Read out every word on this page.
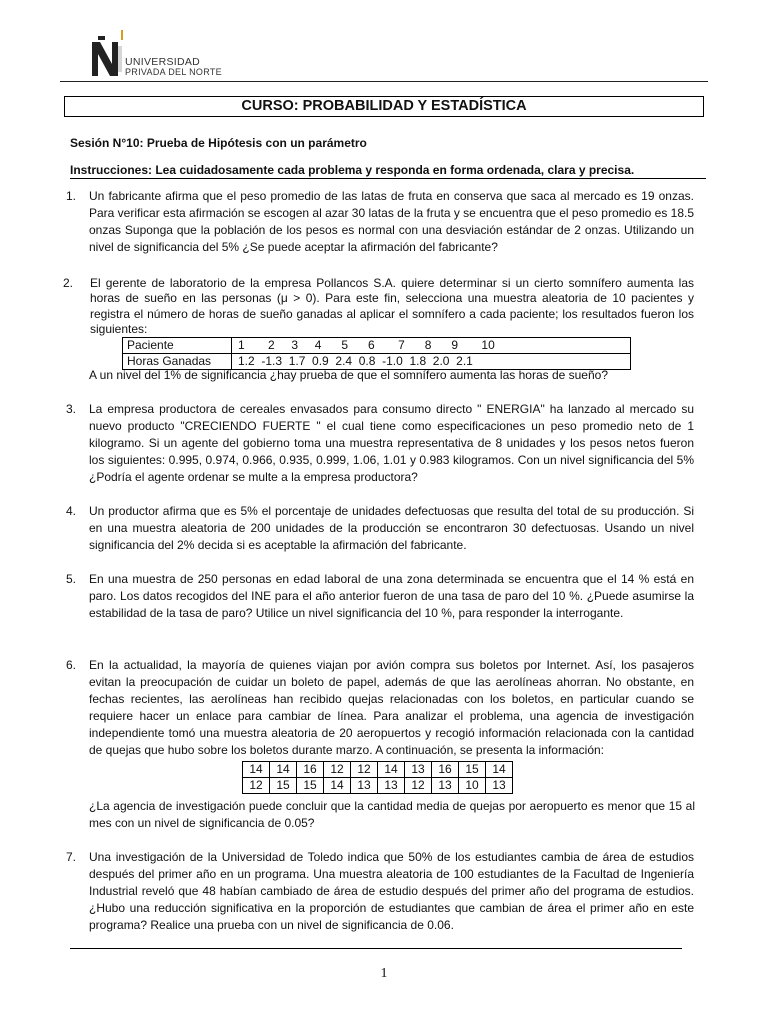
UNIVERSIDAD
PRIVADA DEL NORTE
CURSO: PROBABILIDAD Y ESTADÍSTICA
Sesión N°10: Prueba de Hipótesis con un parámetro
Instrucciones: Lea cuidadosamente cada problema y responda en forma ordenada, clara y precisa.
1. Un fabricante afirma que el peso promedio de las latas de fruta en conserva que saca al mercado es 19 onzas. Para verificar esta afirmación se escogen al azar 30 latas de la fruta y se encuentra que el peso promedio es 18.5 onzas Suponga que la población de los pesos es normal con una desviación estándar de 2 onzas. Utilizando un nivel de significancia del 5% ¿Se puede aceptar la afirmación del fabricante?
2. El gerente de laboratorio de la empresa Pollancos S.A. quiere determinar si un cierto somnífero aumenta las horas de sueño en las personas (μ > 0). Para este fin, selecciona una muestra aleatoria de 10 pacientes y registra el número de horas de sueño ganadas al aplicar el somnífero a cada paciente; los resultados fueron los siguientes:
Paciente	1       2     3     4      5      6       7      8      9       10
Horas Ganadas	1.2  -1.3  1.7  0.9  2.4  0.8  -1.0  1.8  2.0  2.1
A un nivel del 1% de significancia ¿hay prueba de que el somnífero aumenta las horas de sueño?
3. La empresa productora de cereales envasados para consumo directo " ENERGIA" ha lanzado al mercado su nuevo producto "CRECIENDO FUERTE " el cual tiene como especificaciones un peso promedio neto de 1 kilogramo. Si un agente del gobierno toma una muestra representativa de 8 unidades y los pesos netos fueron los siguientes: 0.995, 0.974, 0.966, 0.935, 0.999, 1.06, 1.01 y 0.983 kilogramos. Con un nivel significancia del 5% ¿Podría el agente ordenar se multe a la empresa productora?
4. Un productor afirma que es 5% el porcentaje de unidades defectuosas que resulta del total de su producción. Si en una muestra aleatoria de 200 unidades de la producción se encontraron 30 defectuosas. Usando un nivel significancia del 2% decida si es aceptable la afirmación del fabricante.
5. En una muestra de 250 personas en edad laboral de una zona determinada se encuentra que el 14 % está en paro. Los datos recogidos del INE para el año anterior fueron de una tasa de paro del 10 %. ¿Puede asumirse la estabilidad de la tasa de paro? Utilice un nivel significancia del 10 %, para responder la interrogante.
6. En la actualidad, la mayoría de quienes viajan por avión compra sus boletos por Internet. Así, los pasajeros evitan la preocupación de cuidar un boleto de papel, además de que las aerolíneas ahorran. No obstante, en fechas recientes, las aerolíneas han recibido quejas relacionadas con los boletos, en particular cuando se requiere hacer un enlace para cambiar de línea. Para analizar el problema, una agencia de investigación independiente tomó una muestra aleatoria de 20 aeropuertos y recogió información relacionada con la cantidad de quejas que hubo sobre los boletos durante marzo. A continuación, se presenta la información:
14	14	16	12	12	14	13	16	15	14
12	15	15	14	13	13	12	13	10	13
¿La agencia de investigación puede concluir que la cantidad media de quejas por aeropuerto es menor que 15 al mes con un nivel de significancia de 0.05?
7. Una investigación de la Universidad de Toledo indica que 50% de los estudiantes cambia de área de estudios después del primer año en un programa. Una muestra aleatoria de 100 estudiantes de la Facultad de Ingeniería Industrial reveló que 48 habían cambiado de área de estudio después del primer año del programa de estudios. ¿Hubo una reducción significativa en la proporción de estudiantes que cambian de área el primer año en este programa? Realice una prueba con un nivel de significancia de 0.06.
1
